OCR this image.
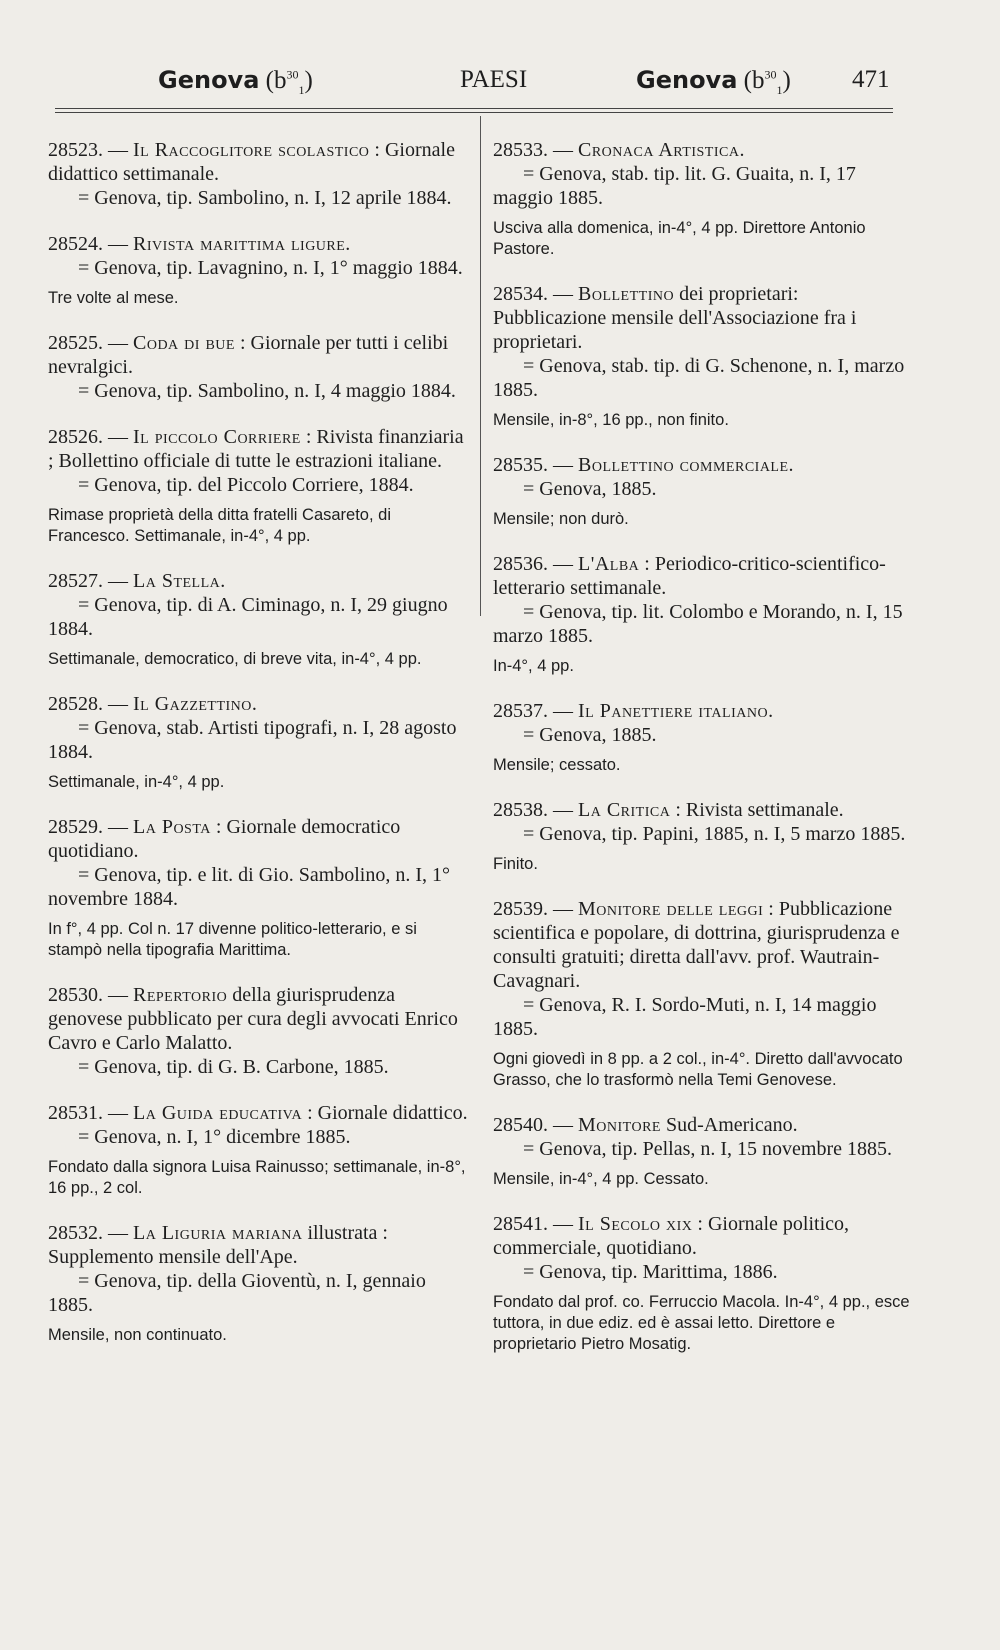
Genova $(b^{30}_1)$	PAESI	Genova $(b^{30}_1)$ 471

28523. — Il Raccoglitore scolastico : Giornale didattico settimanale.

= Genova, tip. Sambolino, n. I, 12 aprile 1884.

28524. — Rivista marittima ligure.

= Genova, tip. Lavagnino, n. I, 1° maggio 1884.

Tre volte al mese.

28525. — Coda di bue : Giornale per tutti i celibi nevralgici.

= Genova, tip. Sambolino, n. I, 4 maggio 1884.

28526. — Il piccolo Corriere : Rivista finanziaria ; Bollettino officiale di tutte le estrazioni italiane.

= Genova, tip. del Piccolo Corriere, 1884.

Rimase proprietà della ditta fratelli Casareto, di Francesco. Settimanale, in-4°, 4 pp.

28527. — La Stella.

= Genova, tip. di A. Ciminago, n. I, 29 giugno 1884.

Settimanale, democratico, di breve vita, in-4°, 4 pp.

28528. — Il Gazzettino.

= Genova, stab. Artisti tipografi, n. I, 28 agosto 1884.

Settimanale, in-4°, 4 pp.

28529. — La Posta : Giornale democratico quotidiano.

= Genova, tip. e lit. di Gio. Sambolino, n. I, 1° novembre 1884.

In f°, 4 pp. Col n. 17 divenne politico-letterario, e si stampò nella tipografia Marittima.

28530. — Repertorio della giurisprudenza genovese pubblicato per cura degli avvocati Enrico Cavro e Carlo Malatto.

= Genova, tip. di G. B. Carbone, 1885.

28531. — La Guida educativa : Giornale didattico.

= Genova, n. I, 1° dicembre 1885.

Fondato dalla signora Luisa Rainusso; settimanale, in-8°, 16 pp., 2 col.

28532. — La Liguria mariana illustrata : Supplemento mensile dell'Ape.

= Genova, tip. della Gioventù, n. I, gennaio 1885.

Mensile, non continuato.

28533. — Cronaca Artistica.

= Genova, stab. tip. lit. G. Guaita, n. I, 17 maggio 1885.

Usciva alla domenica, in-4°, 4 pp. Direttore Antonio Pastore.

28534. — Bollettino dei proprietari: Pubblicazione mensile dell'Associazione fra i proprietari.

= Genova, stab. tip. di G. Schenone, n. I, marzo 1885.

Mensile, in-8°, 16 pp., non finito.

28535. — Bollettino commerciale.

= Genova, 1885.

Mensile; non durò.

28536. — L'Alba : Periodico-critico-scientifico-letterario settimanale.

= Genova, tip. lit. Colombo e Morando, n. I, 15 marzo 1885.

In-4°, 4 pp.

28537. — Il Panettiere italiano.

= Genova, 1885.

Mensile; cessato.

28538. — La Critica : Rivista settimanale.

= Genova, tip. Papini, 1885, n. I, 5 marzo 1885.

Finito.

28539. — Monitore delle leggi : Pubblicazione scientifica e popolare, di dottrina, giurisprudenza e consulti gratuiti; diretta dall'avv. prof. Wautrain-Cavagnari.

= Genova, R. I. Sordo-Muti, n. I, 14 maggio 1885.

Ogni giovedì in 8 pp. a 2 col., in-4°. Diretto dall'avvocato Grasso, che lo trasformò nella Temi Genovese.

28540. — Monitore Sud-Americano.

= Genova, tip. Pellas, n. I, 15 novembre 1885.

Mensile, in-4°, 4 pp. Cessato.

28541. — Il Secolo xix : Giornale politico, commerciale, quotidiano.

= Genova, tip. Marittima, 1886.

Fondato dal prof. co. Ferruccio Macola. In-4°, 4 pp., esce tuttora, in due ediz. ed è assai letto. Direttore e proprietario Pietro Mosatig.
